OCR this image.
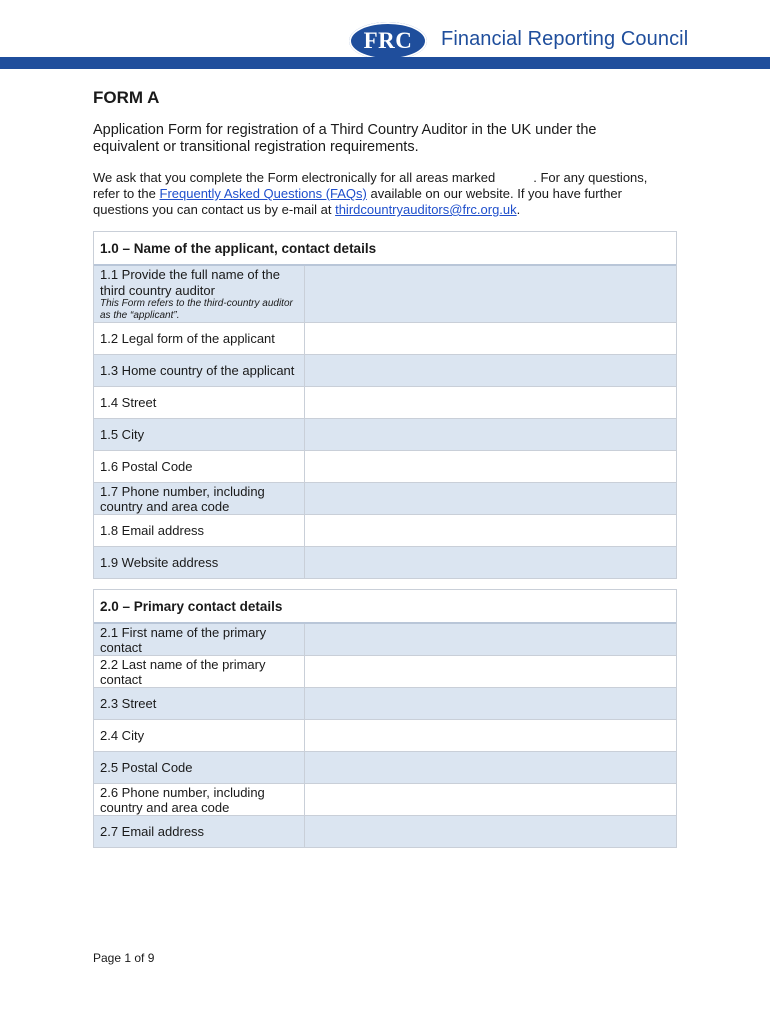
FRC Financial Reporting Council
FORM A
Application Form for registration of a Third Country Auditor in the UK under the equivalent or transitional registration requirements.
We ask that you complete the Form electronically for all areas marked	. For any questions, refer to the Frequently Asked Questions (FAQs) available on our website. If you have further questions you can contact us by e-mail at thirdcountryauditors@frc.org.uk.
1.0 – Name of the applicant, contact details
1.1 Provide the full name of the third country auditor
This Form refers to the third-country auditor as the “applicant”.
1.2 Legal form of the applicant
1.3 Home country of the applicant
1.4 Street
1.5 City
1.6 Postal Code
1.7 Phone number, including country and area code
1.8 Email address
1.9 Website address
2.0 – Primary contact details
2.1 First name of the primary contact
2.2 Last name of the primary contact
2.3 Street
2.4 City
2.5 Postal Code
2.6 Phone number, including country and area code
2.7 Email address
Page 1 of 9
